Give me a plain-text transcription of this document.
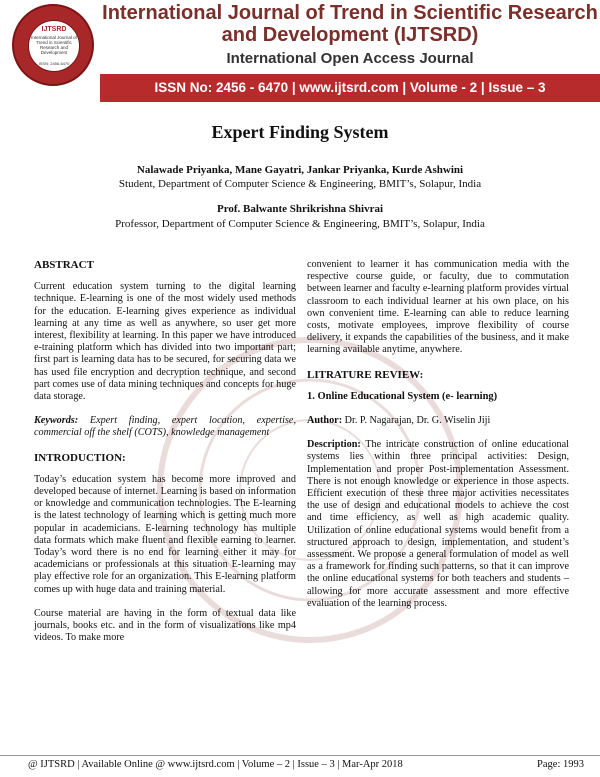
IJTSRD
International Journal of Trend in Scientific Research and Development
ISSN: 2456-6470
International Journal of Trend in Scientific Research and Development (IJTSRD)
International Open Access Journal
ISSN No: 2456 - 6470 | www.ijtsrd.com | Volume - 2 | Issue – 3
Expert Finding System
Nalawade Priyanka, Mane Gayatri, Jankar Priyanka, Kurde Ashwini
Student, Department of Computer Science & Engineering, BMIT’s, Solapur, India
Prof. Balwante Shrikrishna Shivrai
Professor, Department of Computer Science & Engineering, BMIT’s, Solapur, India

ABSTRACT

Current education system turning to the digital learning technique. E-learning is one of the most widely used methods for the education. E-learning gives experience as individual learning at any time as well as anywhere, so user get more interest, flexibility at learning. In this paper we have introduced e-training platform which has divided into two important part; first part is learning data has to be secured, for securing data we has used file encryption and decryption technique, and second part comes use of data mining techniques and concepts for huge data storage.

Keywords: Expert finding, expert location, expertise, commercial off the shelf (COTS), knowledge management

INTRODUCTION:

Today’s education system has become more improved and developed because of internet. Learning is based on information or knowledge and communication technologies. The E-learning is the latest technology of learning which is getting much more popular in academicians. E-learning technology has multiple data formats which make fluent and flexible earning to learner. Today’s word there is no end for learning either it may for academicians or professionals at this situation E-learning may play effective role for an organization. This E-learning platform comes up with huge data and training material.

Course material are having in the form of textual data like journals, books etc. and in the form of visualizations like mp4 videos. To make more

convenient to learner it has communication media with the respective course guide, or faculty, due to commutation between learner and faculty e-learning platform provides virtual classroom to each individual learner at his own place, on his own convenient time. E-learning can able to reduce learning costs, motivate employees, improve flexibility of course delivery, it expands the capabilities of the business, and it make learning available anytime, anywhere.

LITRATURE REVIEW:

1. Online Educational System (e- learning)

Author: Dr. P. Nagarajan, Dr. G. Wiselin Jiji

Description: The intricate construction of online educational systems lies within three principal activities: Design, Implementation and proper Post-implementation Assessment. There is not enough knowledge or experience in those aspects. Efficient execution of these three major activities necessitates the use of design and educational models to achieve the cost and time efficiency, as well as high academic quality. Utilization of online educational systems would benefit from a structured approach to design, implementation, and student’s assessment. We propose a general formulation of model as well as a framework for finding such patterns, so that it can improve the online educational systems for both teachers and students – allowing for more accurate assessment and more effective evaluation of the learning process.

@ IJTSRD | Available Online @ www.ijtsrd.com | Volume – 2 | Issue – 3 | Mar-Apr 2018	Page: 1993
